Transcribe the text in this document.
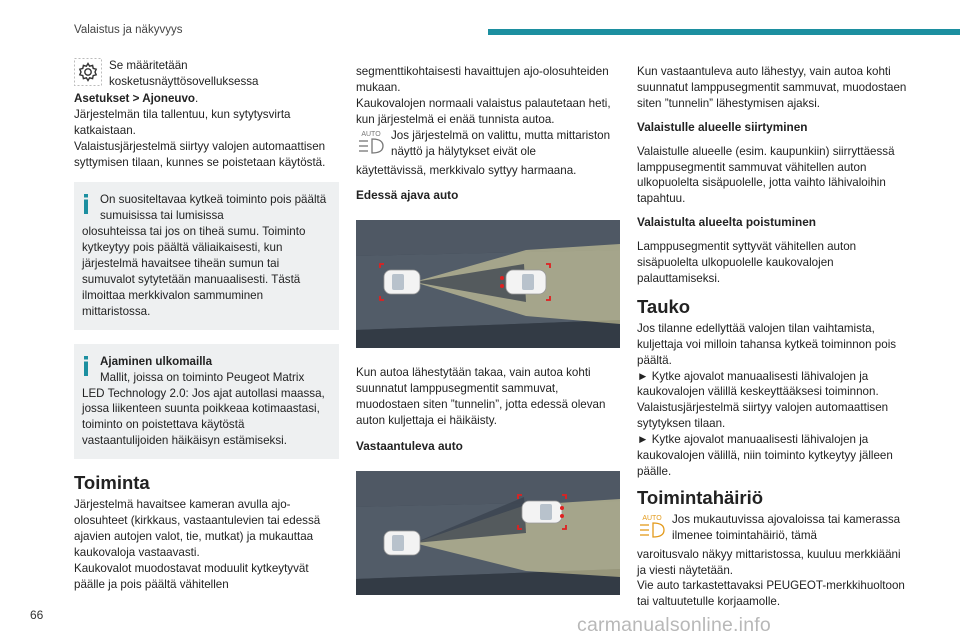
Valaistus ja näkyvyys

Se määritetään

kosketusnäyttösovelluksessa

Asetukset > Ajoneuvo.

Järjestelmän tila tallentuu, kun sytytysvirta katkaistaan.

Valaistusjärjestelmä siirtyy valojen automaattisen syttymisen tilaan, kunnes se poistetaan käytöstä.

On suositeltavaa kytkeä toiminto pois päältä sumuisissa tai lumisissa

olosuhteissa tai jos on tiheä sumu. Toiminto kytkeytyy pois päältä väliaikaisesti, kun järjestelmä havaitsee tiheän sumun tai sumuvalot sytytetään manuaalisesti. Tästä ilmoittaa merkkivalon sammuminen mittaristossa.

Ajaminen ulkomailla

Mallit, joissa on toiminto Peugeot Matrix

LED Technology 2.0: Jos ajat autollasi maassa, jossa liikenteen suunta poikkeaa kotimaastasi, toiminto on poistettava käytöstä vastaantulijoiden häikäisyn estämiseksi.

Toiminta

Järjestelmä havaitsee kameran avulla ajo-olosuhteet (kirkkaus, vastaantulevien tai edessä ajavien autojen valot, tie, mutkat) ja mukauttaa kaukovaloja vastaavasti.

Kaukovalot muodostavat moduulit kytkeytyvät päälle ja pois päältä vähitellen

segmenttikohtaisesti havaittujen ajo-olosuhteiden mukaan.

Kaukovalojen normaali valaistus palautetaan heti, kun järjestelmä ei enää tunnista autoa.

AUTO Jos järjestelmä on valittu, mutta mittariston näyttö ja hälytykset eivät ole

käytettävissä, merkkivalo syttyy harmaana.

Edessä ajava auto

Kun autoa lähestytään takaa, vain autoa kohti suunnatut lamppusegmentit sammuvat, muodostaen siten ”tunnelin”, jotta edessä olevan auton kuljettaja ei häikäisty.

Vastaantuleva auto

Kun vastaantuleva auto lähestyy, vain autoa kohti suunnatut lamppusegmentit sammuvat, muodostaen siten ”tunnelin” lähestymisen ajaksi.

Valaistulle alueelle siirtyminen

Valaistulle alueelle (esim. kaupunkiin) siirryttäessä lamppusegmentit sammuvat vähitellen auton ulkopuolelta sisäpuolelle, jotta vaihto lähivaloihin tapahtuu.

Valaistulta alueelta poistuminen

Lamppusegmentit syttyvät vähitellen auton sisäpuolelta ulkopuolelle kaukovalojen palauttamiseksi.

Tauko

Jos tilanne edellyttää valojen tilan vaihtamista, kuljettaja voi milloin tahansa kytkeä toiminnon pois päältä.

► Kytke ajovalot manuaalisesti lähivalojen ja kaukovalojen välillä keskeyttääksesi toiminnon.

Valaistusjärjestelmä siirtyy valojen automaattisen sytytyksen tilaan.

► Kytke ajovalot manuaalisesti lähivalojen ja kaukovalojen välillä, niin toiminto kytkeytyy jälleen päälle.

Toimintahäiriö
AUTO Jos mukautuvissa ajovaloissa tai kamerassa ilmenee toimintahäiriö, tämä

varoitusvalo näkyy mittaristossa, kuuluu merkkiääni ja viesti näytetään.

Vie auto tarkastettavaksi PEUGEOT-merkkihuoltoon tai valtuutetulle korjaamolle.

66	carmanualsonline.info
